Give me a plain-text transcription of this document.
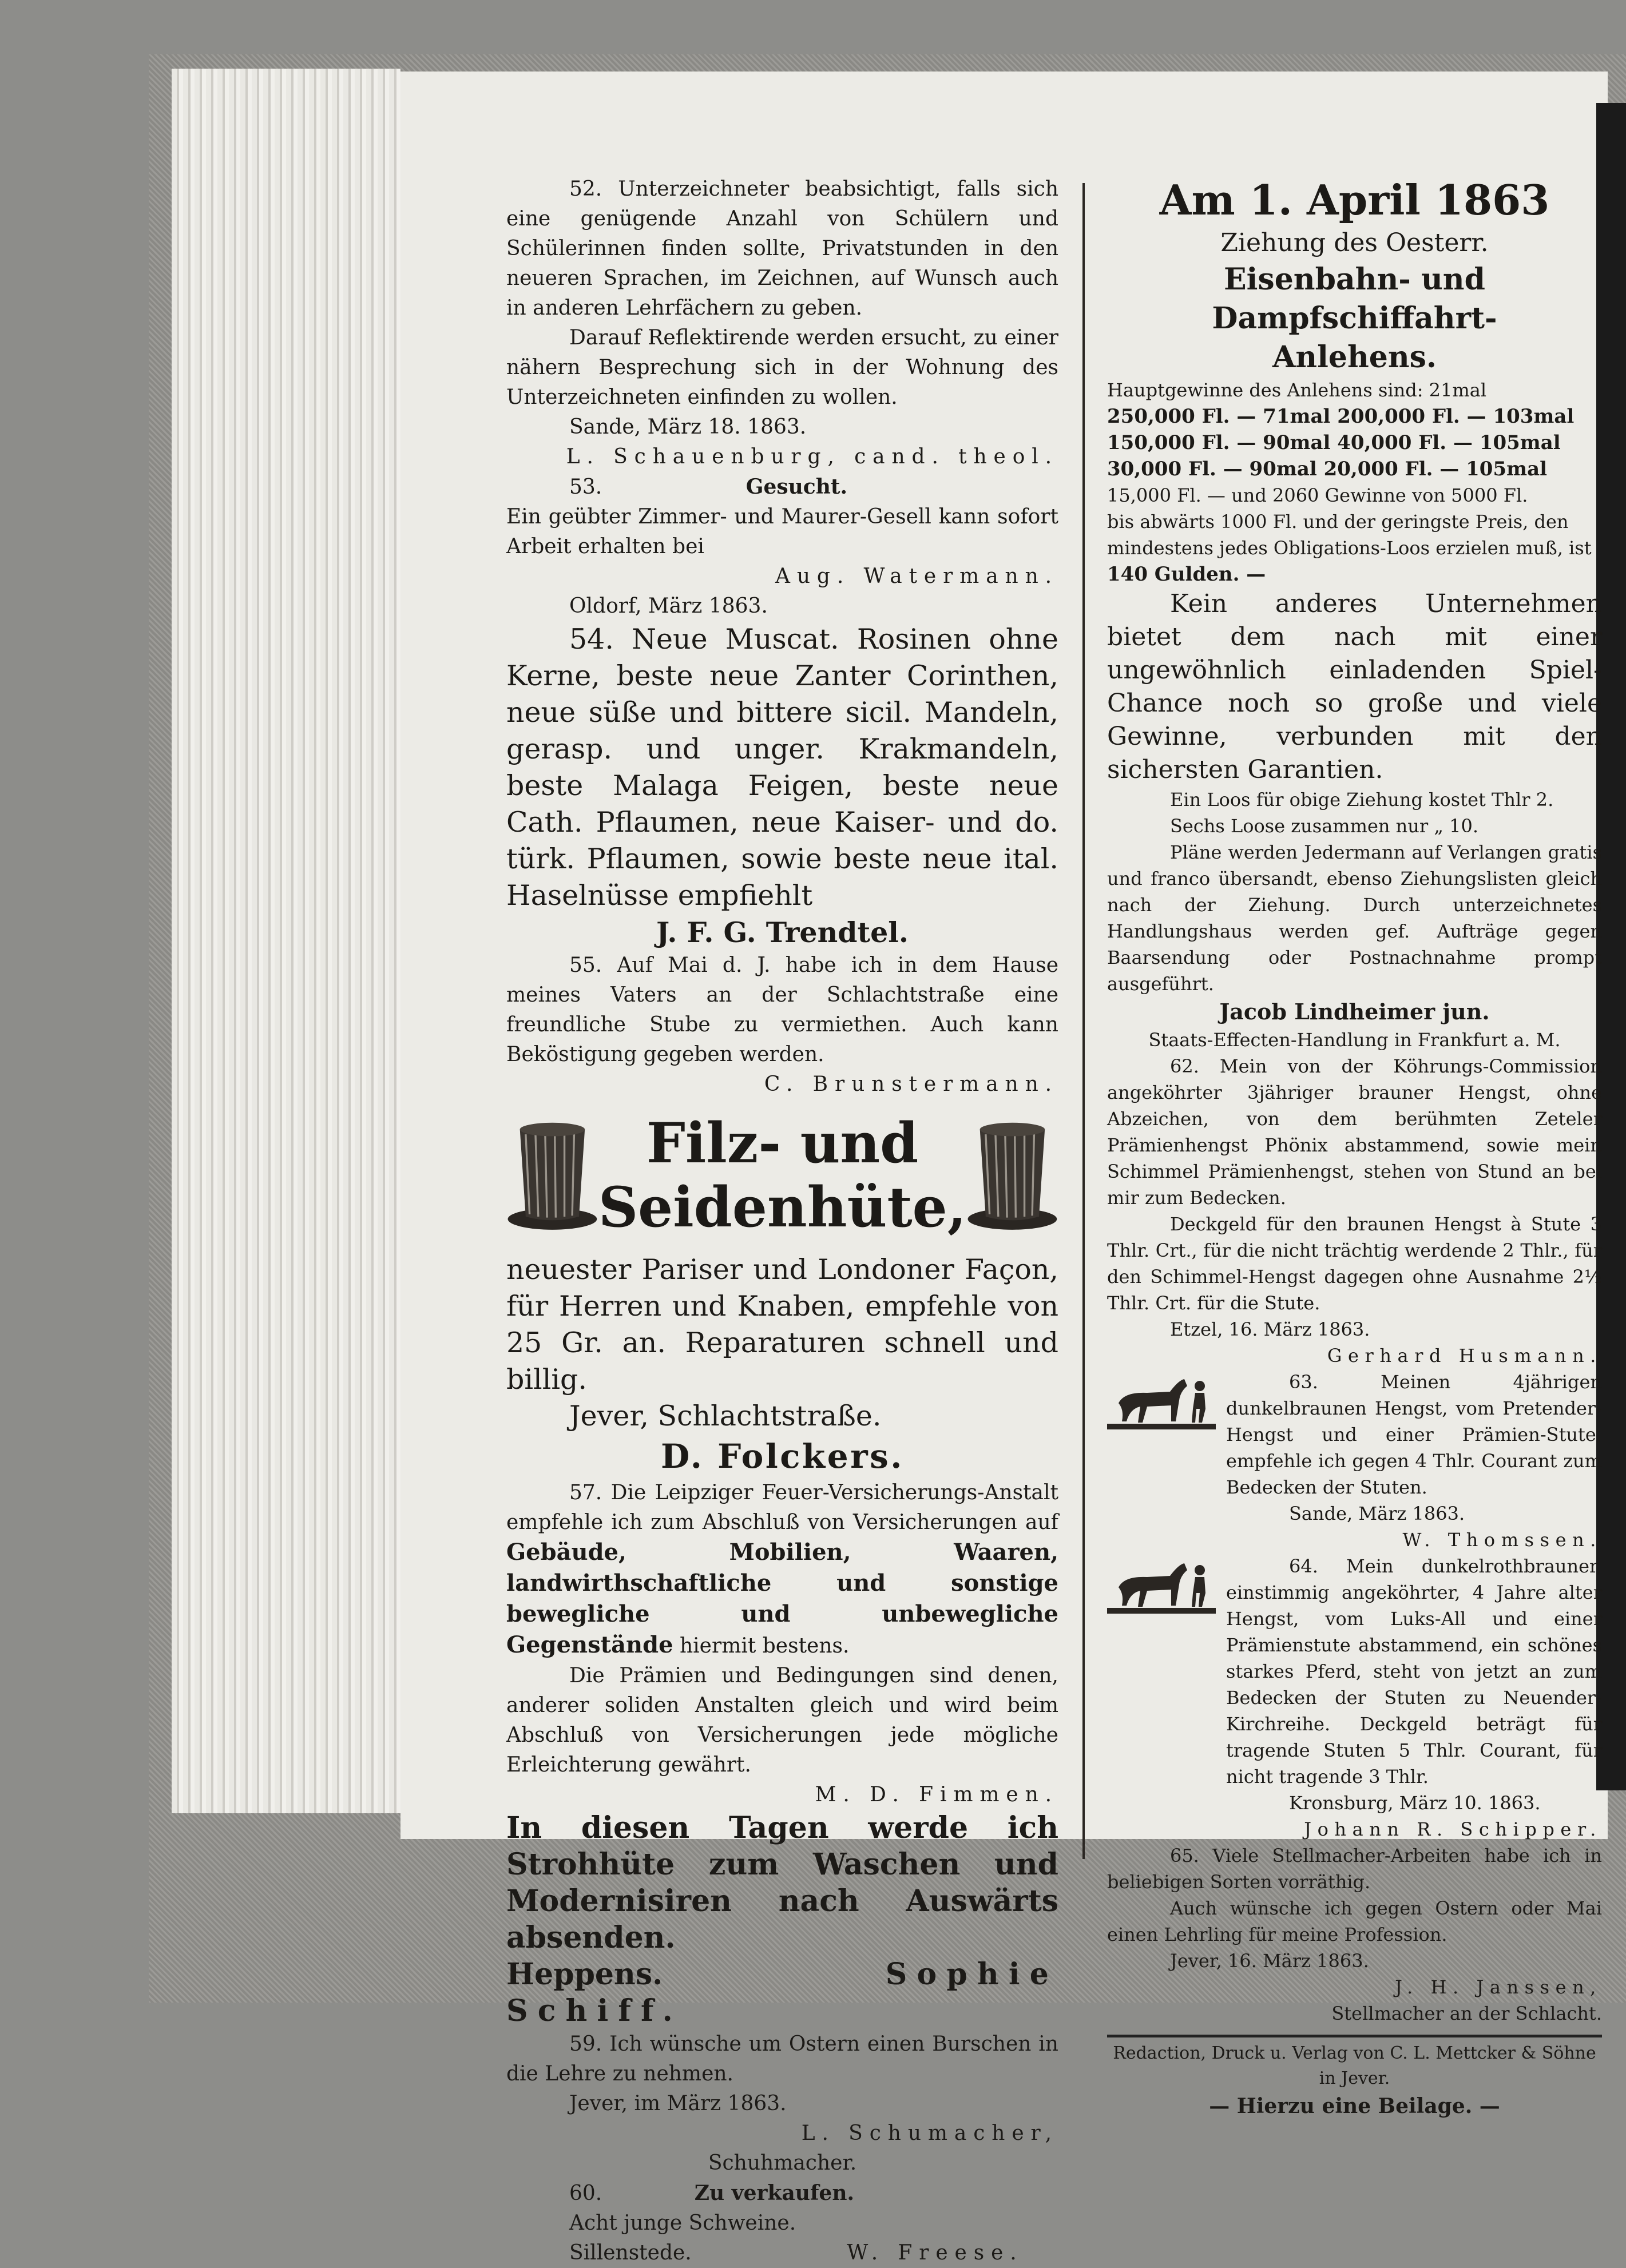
52. Unterzeichneter beabsichtigt, falls sich eine genügende Anzahl von Schülern und Schülerinnen finden sollte, Privatstunden in den neueren Sprachen, im Zeichnen, auf Wunsch auch in anderen Lehrfächern zu geben.

Darauf Reflektirende werden ersucht, zu einer nähern Besprechung sich in der Wohnung des Unterzeichneten einfinden zu wollen.

Sande, März 18. 1863.

L. Schauenburg, cand. theol.

53.	Gesucht.

Ein geübter Zimmer- und Maurer-Gesell kann sofort Arbeit erhalten bei

Aug. Watermann.

Oldorf, März 1863.

54. Neue Muscat. Rosinen ohne Kerne, beste neue Zanter Corinthen, neue süße und bittere sicil. Mandeln, gerasp. und unger. Krakmandeln, beste Malaga Feigen, beste neue Cath. Pflaumen, neue Kaiser- und do. türk. Pflaumen, sowie beste neue ital. Haselnüsse empfiehlt

J. F. G. Trendtel.

55. Auf Mai d. J. habe ich in dem Hause meines Vaters an der Schlachtstraße eine freundliche Stube zu vermiethen. Auch kann Beköstigung gegeben werden.

C. Brunstermann.

Filz- und
Seidenhüte,

neuester Pariser und Londoner Façon, für Herren und Knaben, empfehle von 25 Gr. an. Reparaturen schnell und billig.

Jever, Schlachtstraße.

D. Folckers.

57. Die Leipziger Feuer-Versicherungs-Anstalt empfehle ich zum Abschluß von Versicherungen auf Gebäude, Mobilien, Waaren, landwirthschaftliche und sonstige bewegliche und unbewegliche Gegenstände hiermit bestens.

Die Prämien und Bedingungen sind denen, anderer soliden Anstalten gleich und wird beim Abschluß von Versicherungen jede mögliche Erleichterung gewährt.

M. D. Fimmen.

In diesen Tagen werde ich Strohhüte zum Waschen und Modernisiren nach Auswärts absenden.

Heppens.	Sophie Schiff.

59. Ich wünsche um Ostern einen Burschen in die Lehre zu nehmen.

Jever, im März 1863.

L. Schumacher,

Schuhmacher.

60.	Zu verkaufen.

Acht junge Schweine.

Sillenstede.	W. Freese.

Am 1. April 1863
Ziehung des Oesterr.
Eisenbahn- und Dampfschiffahrt-
Anlehens.

Hauptgewinne des Anlehens sind: 21mal

250,000 Fl. — 71mal 200,000 Fl. — 103mal

150,000 Fl. — 90mal 40,000 Fl. — 105mal

30,000 Fl. — 90mal 20,000 Fl. — 105mal

15,000 Fl. — und 2060 Gewinne von 5000 Fl.

bis abwärts 1000 Fl. und der geringste Preis, den

mindestens jedes Obligations-Loos erzielen muß, ist

140 Gulden. —

Kein anderes Unternehmen bietet dem nach mit einer ungewöhnlich einladenden Spiel-Chance noch so große und viele Gewinne, verbunden mit den sichersten Garantien.

Ein Loos für obige Ziehung kostet Thlr 2.

Sechs Loose zusammen nur „ 10.

Pläne werden Jedermann auf Verlangen gratis und franco übersandt, ebenso Ziehungslisten gleich nach der Ziehung. Durch unterzeichnetes Handlungshaus werden gef. Aufträge gegen Baarsendung oder Postnachnahme prompt ausgeführt.

Jacob Lindheimer jun.

Staats-Effecten-Handlung in Frankfurt a. M.

62. Mein von der Köhrungs-Commission angeköhrter 3jähriger brauner Hengst, ohne Abzeichen, von dem berühmten Zeteler Prämienhengst Phönix abstammend, sowie mein Schimmel Prämienhengst, stehen von Stund an bei mir zum Bedecken.

Deckgeld für den braunen Hengst à Stute 3 Thlr. Crt., für die nicht trächtig werdende 2 Thlr., für den Schimmel-Hengst dagegen ohne Ausnahme 2½ Thlr. Crt. für die Stute.

Etzel, 16. März 1863.

Gerhard Husmann.

63. Meinen 4jährigen dunkelbraunen Hengst, vom Pretender-Hengst und einer Prämien-Stute, empfehle ich gegen 4 Thlr. Courant zum Bedecken der Stuten.

Sande, März 1863.

W. Thomssen.

64. Mein dunkelrothbrauner, einstimmig angeköhrter, 4 Jahre alter Hengst, vom Luks-All und einer Prämienstute abstammend, ein schönes starkes Pferd, steht von jetzt an zum Bedecken der Stuten zu Neuender-Kirchreihe. Deckgeld beträgt für tragende Stuten 5 Thlr. Courant, für nicht tragende 3 Thlr.

Kronsburg, März 10. 1863.

Johann R. Schipper.

65. Viele Stellmacher-Arbeiten habe ich in beliebigen Sorten vorräthig.

Auch wünsche ich gegen Ostern oder Mai einen Lehrling für meine Profession.

Jever, 16. März 1863.

J. H. Janssen,

Stellmacher an der Schlacht.

Redaction, Druck u. Verlag von C. L. Mettcker & Söhne in Jever.
— Hierzu eine Beilage. —
